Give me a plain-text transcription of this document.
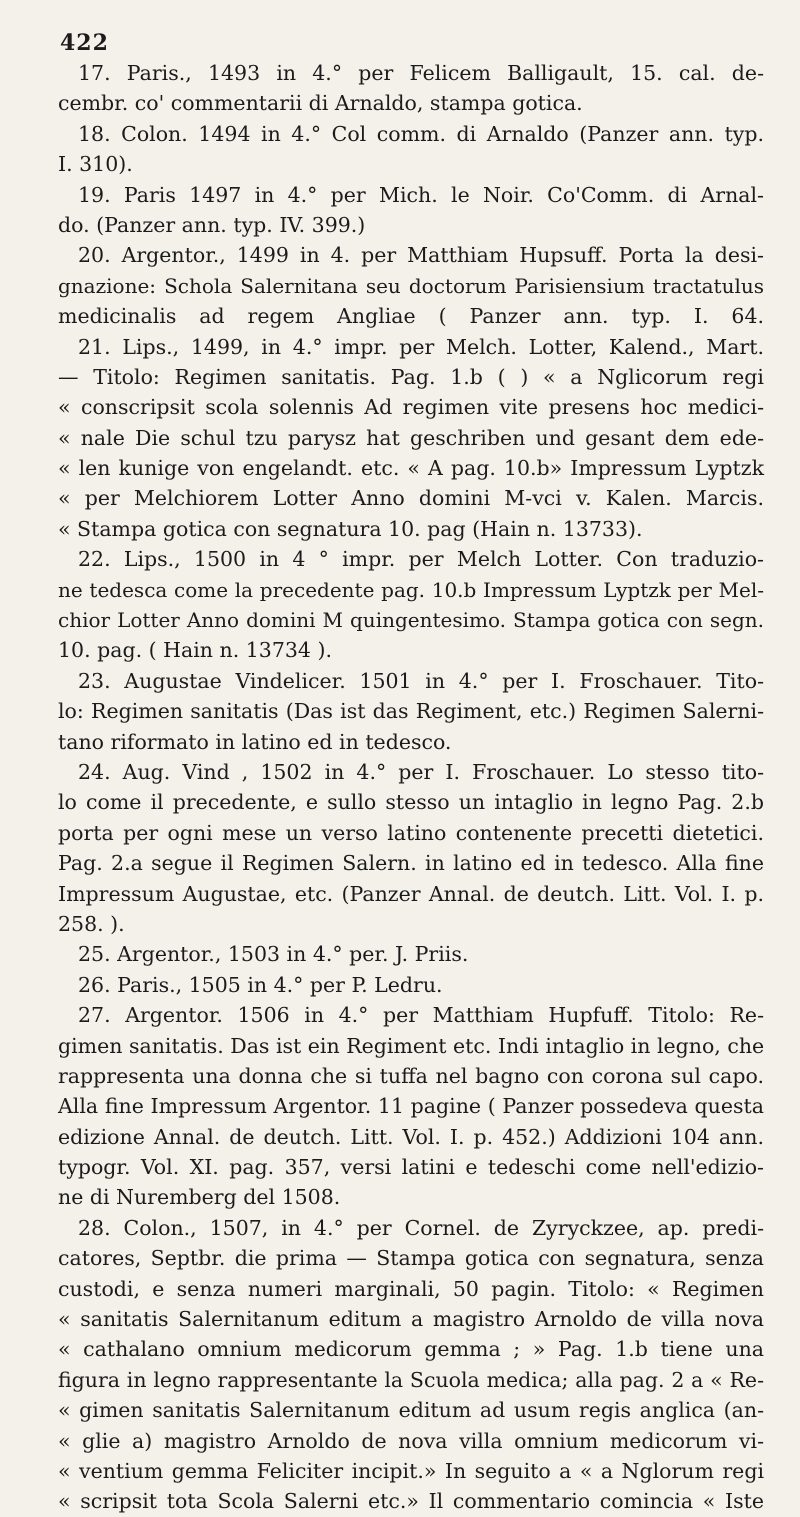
422
17. Paris., 1493 in 4.° per Felicem Balligault, 15. cal. de-
cembr. co' commentarii di Arnaldo, stampa gotica.
18. Colon. 1494 in 4.° Col comm. di Arnaldo (Panzer ann. typ.
I. 310).
19. Paris 1497 in 4.° per Mich. le Noir. Co'Comm. di Arnal-
do. (Panzer ann. typ. IV. 399.)
20. Argentor., 1499 in 4. per Matthiam Hupsuff. Porta la desi-
gnazione: Schola Salernitana seu doctorum Parisiensium tractatulus
medicinalis ad regem Angliae ( Panzer ann. typ. I. 64.
21. Lips., 1499, in 4.° impr. per Melch. Lotter, Kalend., Mart.
— Titolo: Regimen sanitatis. Pag. 1.b ( ) « a Nglicorum regi
« conscripsit scola solennis Ad regimen vite presens hoc medici-
« nale Die schul tzu parysz hat geschriben und gesant dem ede-
« len kunige von engelandt. etc. « A pag. 10.b» Impressum Lyptzk
« per Melchiorem Lotter Anno domini M-vci v. Kalen. Marcis.
« Stampa gotica con segnatura 10. pag (Hain n. 13733).
22. Lips., 1500 in 4 ° impr. per Melch Lotter. Con traduzio-
ne tedesca come la precedente pag. 10.b Impressum Lyptzk per Mel-
chior Lotter Anno domini M quingentesimo. Stampa gotica con segn.
10. pag. ( Hain n. 13734 ).
23. Augustae Vindelicer. 1501 in 4.° per I. Froschauer. Tito-
lo: Regimen sanitatis (Das ist das Regiment, etc.) Regimen Salerni-
tano riformato in latino ed in tedesco.
24. Aug. Vind , 1502 in 4.° per I. Froschauer. Lo stesso tito-
lo come il precedente, e sullo stesso un intaglio in legno Pag. 2.b
porta per ogni mese un verso latino contenente precetti dietetici.
Pag. 2.a segue il Regimen Salern. in latino ed in tedesco. Alla fine
Impressum Augustae, etc. (Panzer Annal. de deutch. Litt. Vol. I. p.
258. ).
25. Argentor., 1503 in 4.° per. J. Priis.
26. Paris., 1505 in 4.° per P. Ledru.
27. Argentor. 1506 in 4.° per Matthiam Hupfuff. Titolo: Re-
gimen sanitatis. Das ist ein Regiment etc. Indi intaglio in legno, che
rappresenta una donna che si tuffa nel bagno con corona sul capo.
Alla fine Impressum Argentor. 11 pagine ( Panzer possedeva questa
edizione Annal. de deutch. Litt. Vol. I. p. 452.) Addizioni 104 ann.
typogr. Vol. XI. pag. 357, versi latini e tedeschi come nell'edizio-
ne di Nuremberg del 1508.
28. Colon., 1507, in 4.° per Cornel. de Zyryckzee, ap. predi-
catores, Septbr. die prima — Stampa gotica con segnatura, senza
custodi, e senza numeri marginali, 50 pagin. Titolo: « Regimen
« sanitatis Salernitanum editum a magistro Arnoldo de villa nova
« cathalano omnium medicorum gemma ; » Pag. 1.b tiene una
figura in legno rappresentante la Scuola medica; alla pag. 2 a « Re-
« gimen sanitatis Salernitanum editum ad usum regis anglica (an-
« glie a) magistro Arnoldo de nova villa omnium medicorum vi-
« ventium gemma Feliciter incipit.» In seguito a « a Nglorum regi
« scripsit tota Scola Salerni etc.» Il commentario comincia « Iste
